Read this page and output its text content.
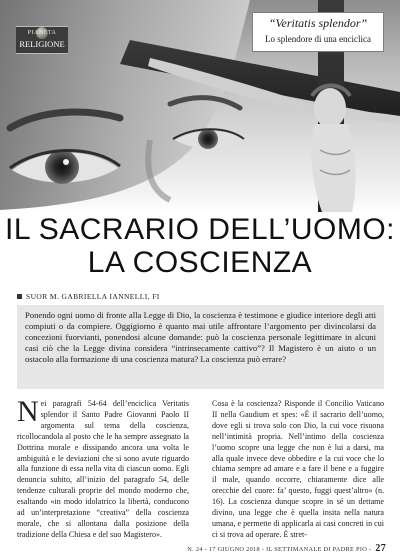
PIANETA
RELIGIONE
“Veritatis splendor”
Lo splendore di una enciclica
IL SACRARIO DELL’UOMO:
LA COSCIENZA
SUOR M. GABRIELLA IANNELLI, FI
Ponendo ogni uomo di fronte alla Legge di Dio, la coscienza è testimone e giudice interiore degli atti compiuti o da compiere. Oggigiorno è quanto mai utile affrontare l’argomento per divincolarsi da concezioni fuorvianti, ponendosi alcune domande: può la coscienza personale legittimare in alcuni casi ciò che la Legge divina considera “intrinsecamente cattivo”? Il Magistero è un aiuto o un ostacolo alla formazione di una coscienza matura? La coscienza può errare?
Nei paragrafi 54-64 dell’enciclica Veritatis splendor il Santo Padre Giovanni Paolo II argomenta sul tema della coscienza, ricollocandola al posto che le ha sempre assegnato la Dottrina morale e dissipando ancora una volta le ambiguità e le deviazioni che si sono avute riguardo alla funzione di essa nella vita di ciascun uomo. Egli denuncia subito, all’inizio del paragrafo 54, delle tendenze culturali proprie del mondo moderno che, esaltando «in modo idolatrico la libertà, conducono ad un’interpretazione “creativa” della coscienza morale, che si allontana dalla posizione della tradizione della Chiesa e del suo Magistero».
Cosa è la coscienza? Risponde il Concilio Vaticano II nella Gaudium et spes: «È il sacrario dell’uomo, dove egli si trova solo con Dio, la cui voce risuona nell’intimità propria. Nell’intimo della coscienza l’uomo scopre una legge che non è lui a darsi, ma alla quale invece deve obbedire e la cui voce che lo chiama sempre ad amare e a fare il bene e a fuggire il male, quando occorre, chiaramente dice alle orecchie del cuore: fa’ questo, fuggi quest’altro» (n. 16). La coscienza dunque scopre in sé un dettame divino, una legge che è quella insita nella natura umana, e permette di applicarla ai casi concreti in cui ci si trova ad operare. È stret-
N. 24 - 17 GIUGNO 2018 - IL SETTIMANALE DI PADRE PIO - 27
